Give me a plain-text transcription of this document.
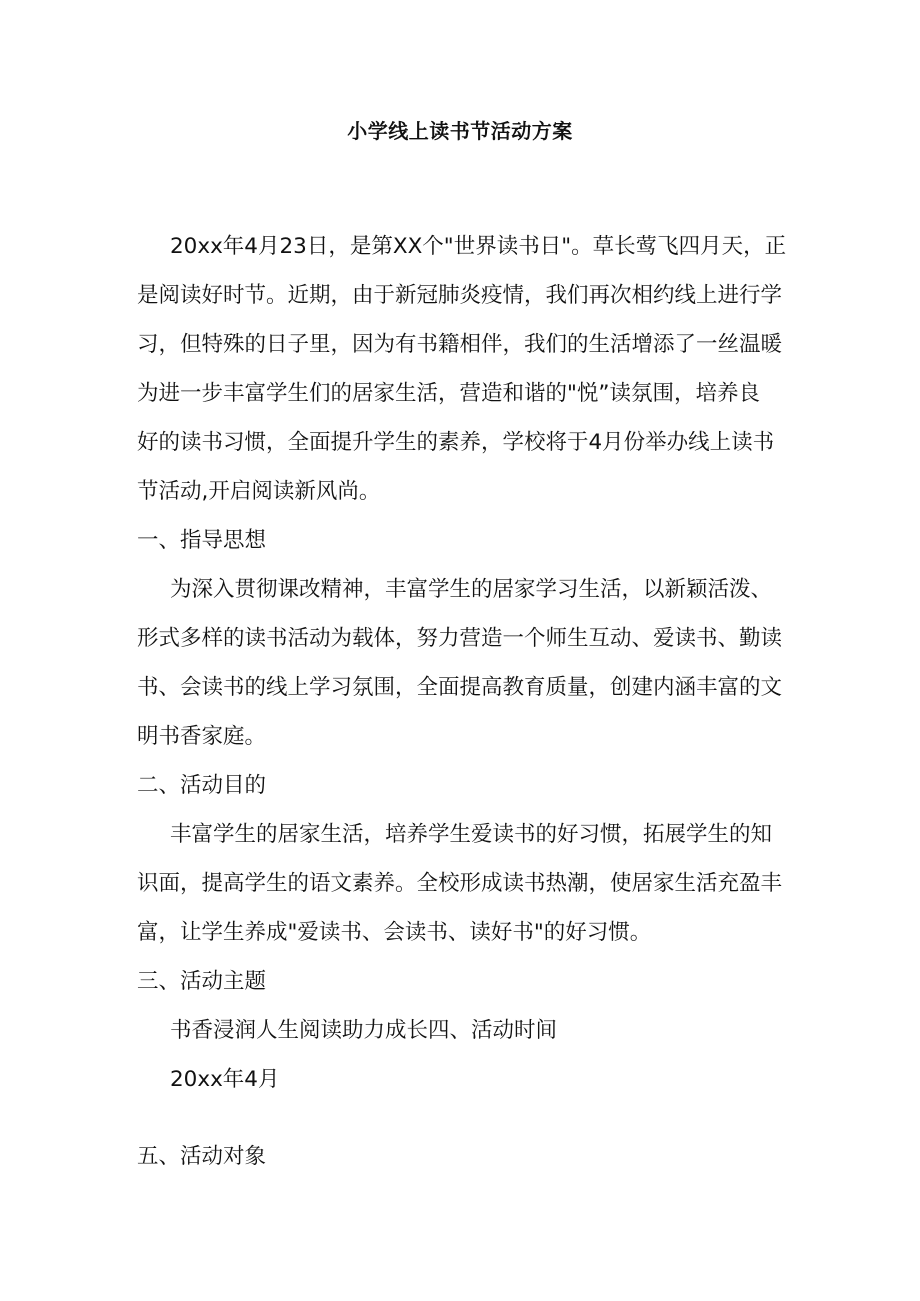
小学线上读书节活动方案
20xx年4月23日，是第XX个"世界读书日"。草长莺飞四月天，正
是阅读好时节。近期，由于新冠肺炎疫情，我们再次相约线上进行学
习，但特殊的日子里，因为有书籍相伴，我们的生活增添了一丝温暖
为进一步丰富学生们的居家生活，营造和谐的"悦”读氛围，培养良
好的读书习惯，全面提升学生的素养，学校将于4月份举办线上读书
节活动,开启阅读新风尚。
一、指导思想
为深入贯彻课改精神，丰富学生的居家学习生活，以新颖活泼、
形式多样的读书活动为载体，努力营造一个师生互动、爱读书、勤读
书、会读书的线上学习氛围，全面提高教育质量，创建内涵丰富的文
明书香家庭。
二、活动目的
丰富学生的居家生活，培养学生爱读书的好习惯，拓展学生的知
识面，提高学生的语文素养。全校形成读书热潮，使居家生活充盈丰
富，让学生养成"爱读书、会读书、读好书"的好习惯。
三、活动主题
书香浸润人生阅读助力成长四、活动时间
20xx年4月
五、活动对象
